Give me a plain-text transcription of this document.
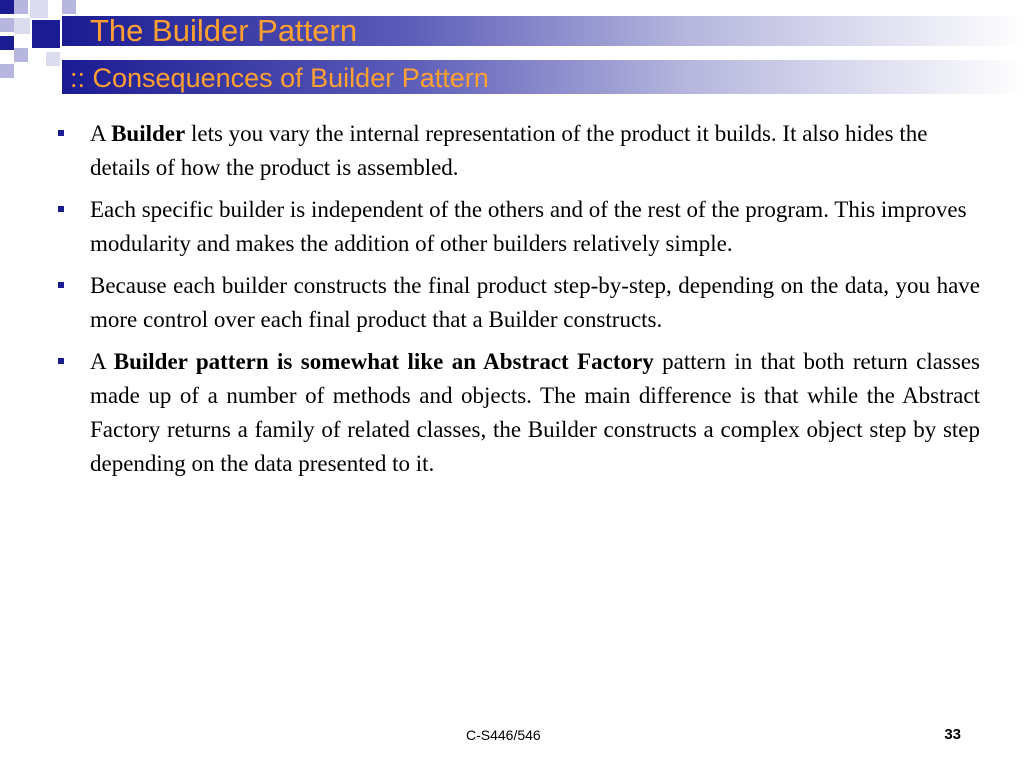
The Builder Pattern
:: Consequences of Builder Pattern
A Builder lets you vary the internal representation of the product it builds. It also hides the details of how the product is assembled.
Each specific builder is independent of the others and of the rest of the program. This improves modularity and makes the addition of other builders relatively simple.
Because each builder constructs the final product step-by-step, depending on the data, you have more control over each final product that a Builder constructs.
A Builder pattern is somewhat like an Abstract Factory pattern in that both return classes made up of a number of methods and objects. The main difference is that while the Abstract Factory returns a family of related classes, the Builder constructs a complex object step by step depending on the data presented to it.
C-S446/546	33
